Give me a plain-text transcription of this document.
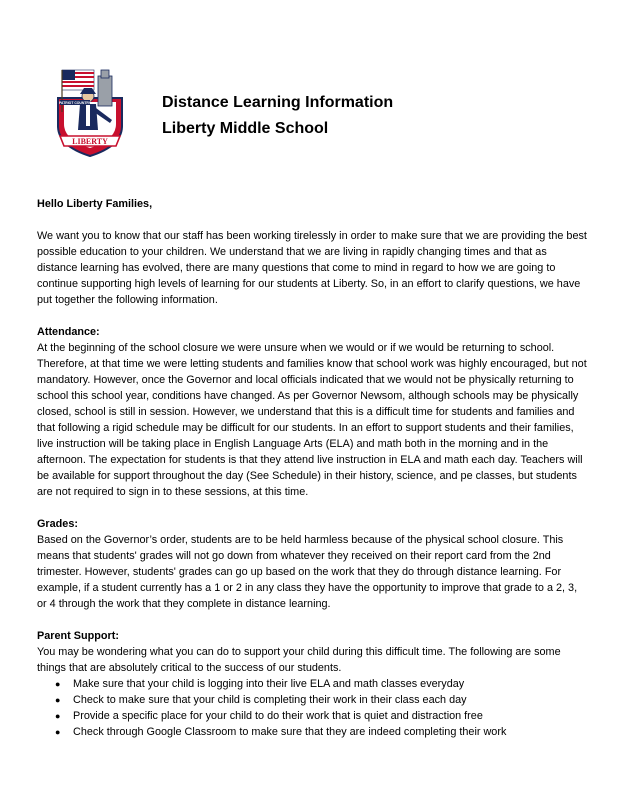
PATRIOT COUNTRY
LIBERTY
Distance Learning Information
Liberty Middle School
Hello Liberty Families,

We want you to know that our staff has been working tirelessly in order to make sure that we are providing the best possible education to your children. We understand that we are living in rapidly changing times and that as distance learning has evolved, there are many questions that come to mind in regard to how we are going to continue supporting high levels of learning for our students at Liberty. So, in an effort to clarify questions, we have put together the following information.

Attendance:
At the beginning of the school closure we were unsure when we would or if we would be returning to school. Therefore, at that time we were letting students and families know that school work was highly encouraged, but not mandatory. However, once the Governor and local officials indicated that we would not be physically returning to school this school year, conditions have changed. As per Governor Newsom, although schools may be physically closed, school is still in session. However, we understand that this is a difficult time for students and families and that following a rigid schedule may be difficult for our students. In an effort to support students and their families, live instruction will be taking place in English Language Arts (ELA) and math both in the morning and in the afternoon. The expectation for students is that they attend live instruction in ELA and math each day. Teachers will be available for support throughout the day (See Schedule) in their history, science, and pe classes, but students are not required to sign in to these sessions, at this time.
Grades:
Based on the Governor’s order, students are to be held harmless because of the physical school closure. This means that students' grades will not go down from whatever they received on their report card from the 2nd trimester. However, students' grades can go up based on the work that they do through distance learning. For example, if a student currently has a 1 or 2 in any class they have the opportunity to improve that grade to a 2, 3, or 4 through the work that they complete in distance learning.
Parent Support:
You may be wondering what you can do to support your child during this difficult time. The following are some things that are absolutely critical to the success of our students.
● Make sure that your child is logging into their live ELA and math classes everyday
● Check to make sure that your child is completing their work in their class each day
● Provide a specific place for your child to do their work that is quiet and distraction free
● Check through Google Classroom to make sure that they are indeed completing their work
